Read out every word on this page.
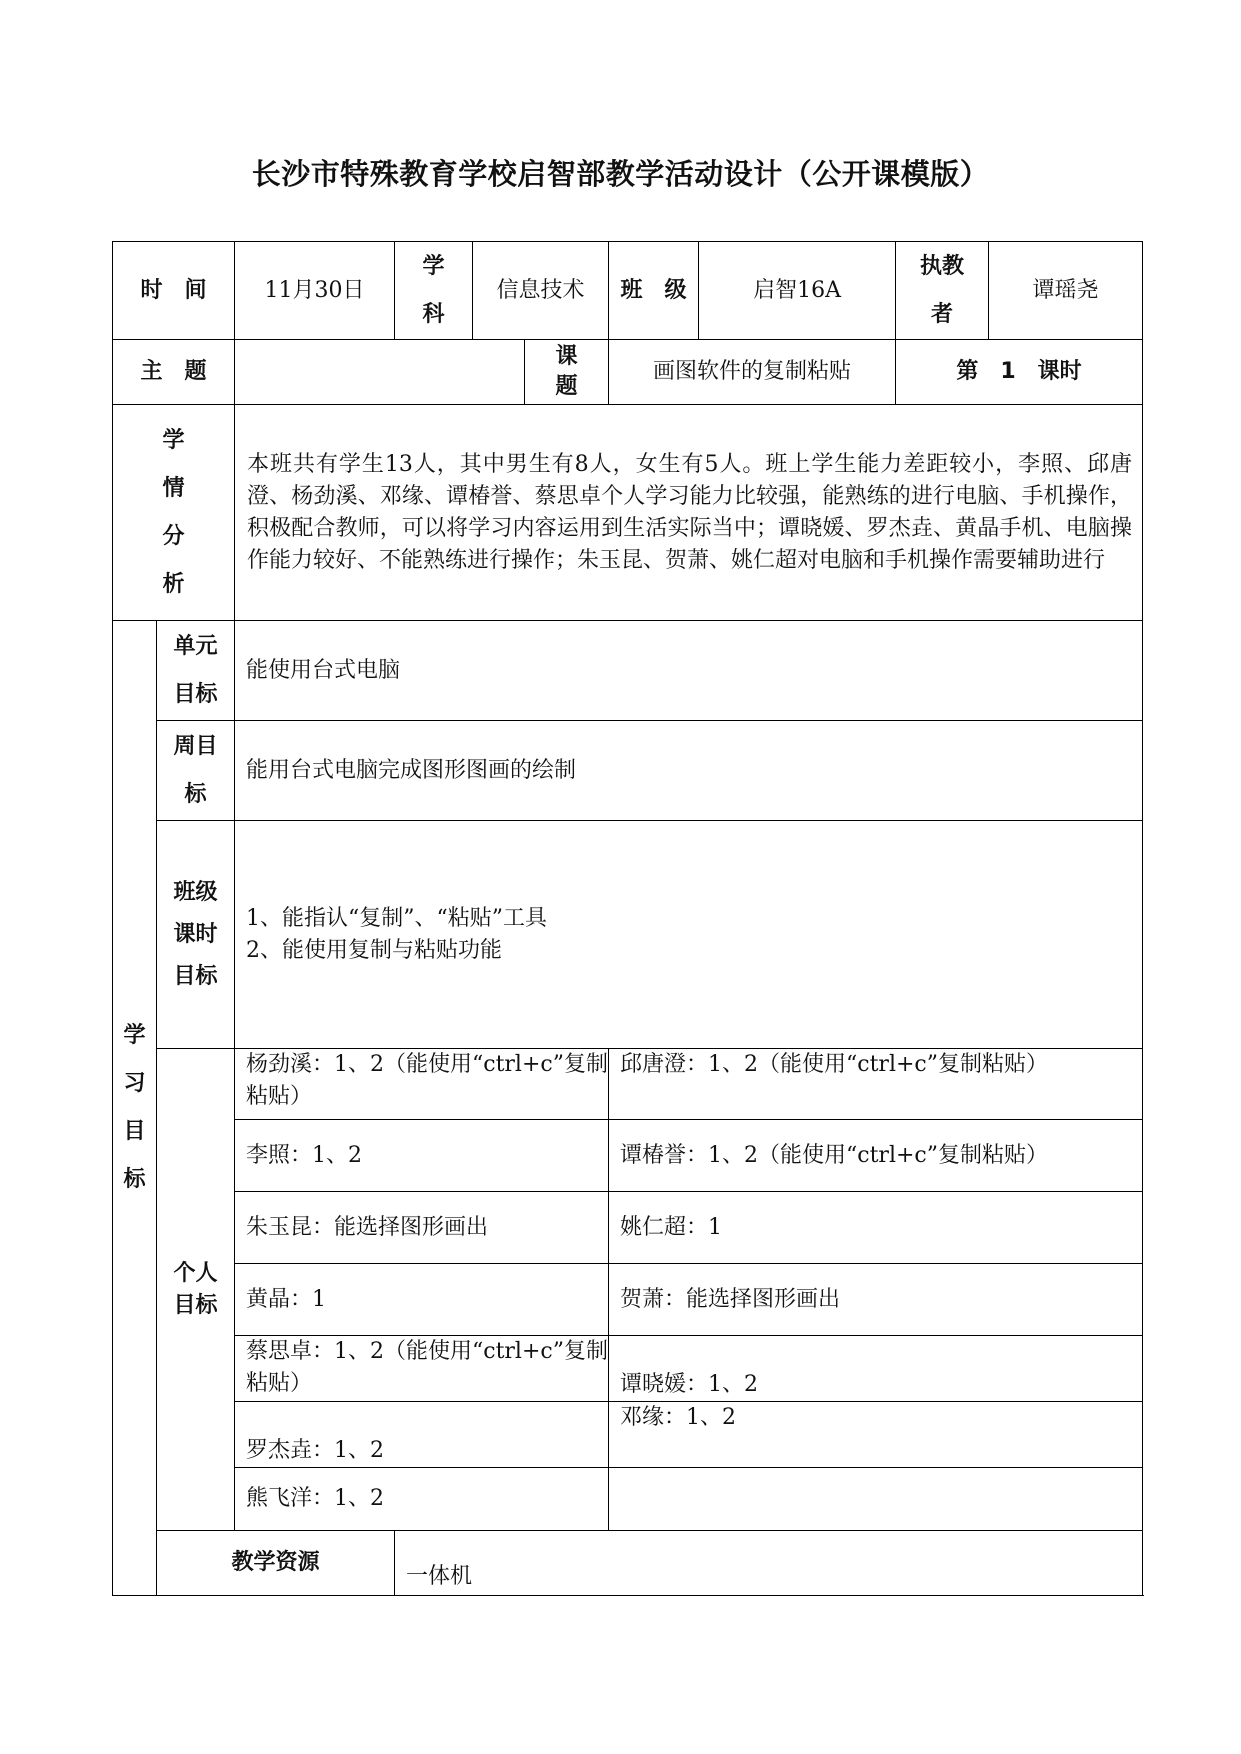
长沙市特殊教育学校启智部教学活动设计（公开课模版）
时　间		11月30日	学科	信息技术		班　级	启智16A	执教者	谭瑶尧
主　题					课题	画图软件的复制粘贴		第　1　课时	
学情分析		本班共有学生13人，其中男生有8人，女生有5人。班上学生能力差距较小，李照、邱唐澄、杨劲溪、邓缘、谭椿誉、蔡思卓个人学习能力比较强，能熟练的进行电脑、手机操作，积极配合教师，可以将学习内容运用到生活实际当中；谭晓媛、罗杰垚、黄晶手机、电脑操作能力较好、不能熟练进行操作；朱玉昆、贺萧、姚仁超对电脑和手机操作需要辅助进行							

学习目标	单元目标	能使用台式电脑							
	周目标	能用台式电脑完成图形图画的绘制							
	班级课时目标	1、能指认“复制”、“粘贴”工具
2、能使用复制与粘贴功能							

	个人目标	杨劲溪：1、2（能使用“ctrl+c”复制粘贴）				邱唐澄：1、2（能使用“ctrl+c”复制粘贴）			
		李照：1、2				谭椿誉：1、2（能使用“ctrl+c”复制粘贴）			
		朱玉昆：能选择图形画出				姚仁超：1			
		黄晶：1				贺萧：能选择图形画出			
		蔡思卓：1、2（能使用“ctrl+c”复制粘贴）				谭晓媛：1、2			
		罗杰垚：1、2				邓缘：1、2			
		熊飞洋：1、2							
	教学资源		一体机						
